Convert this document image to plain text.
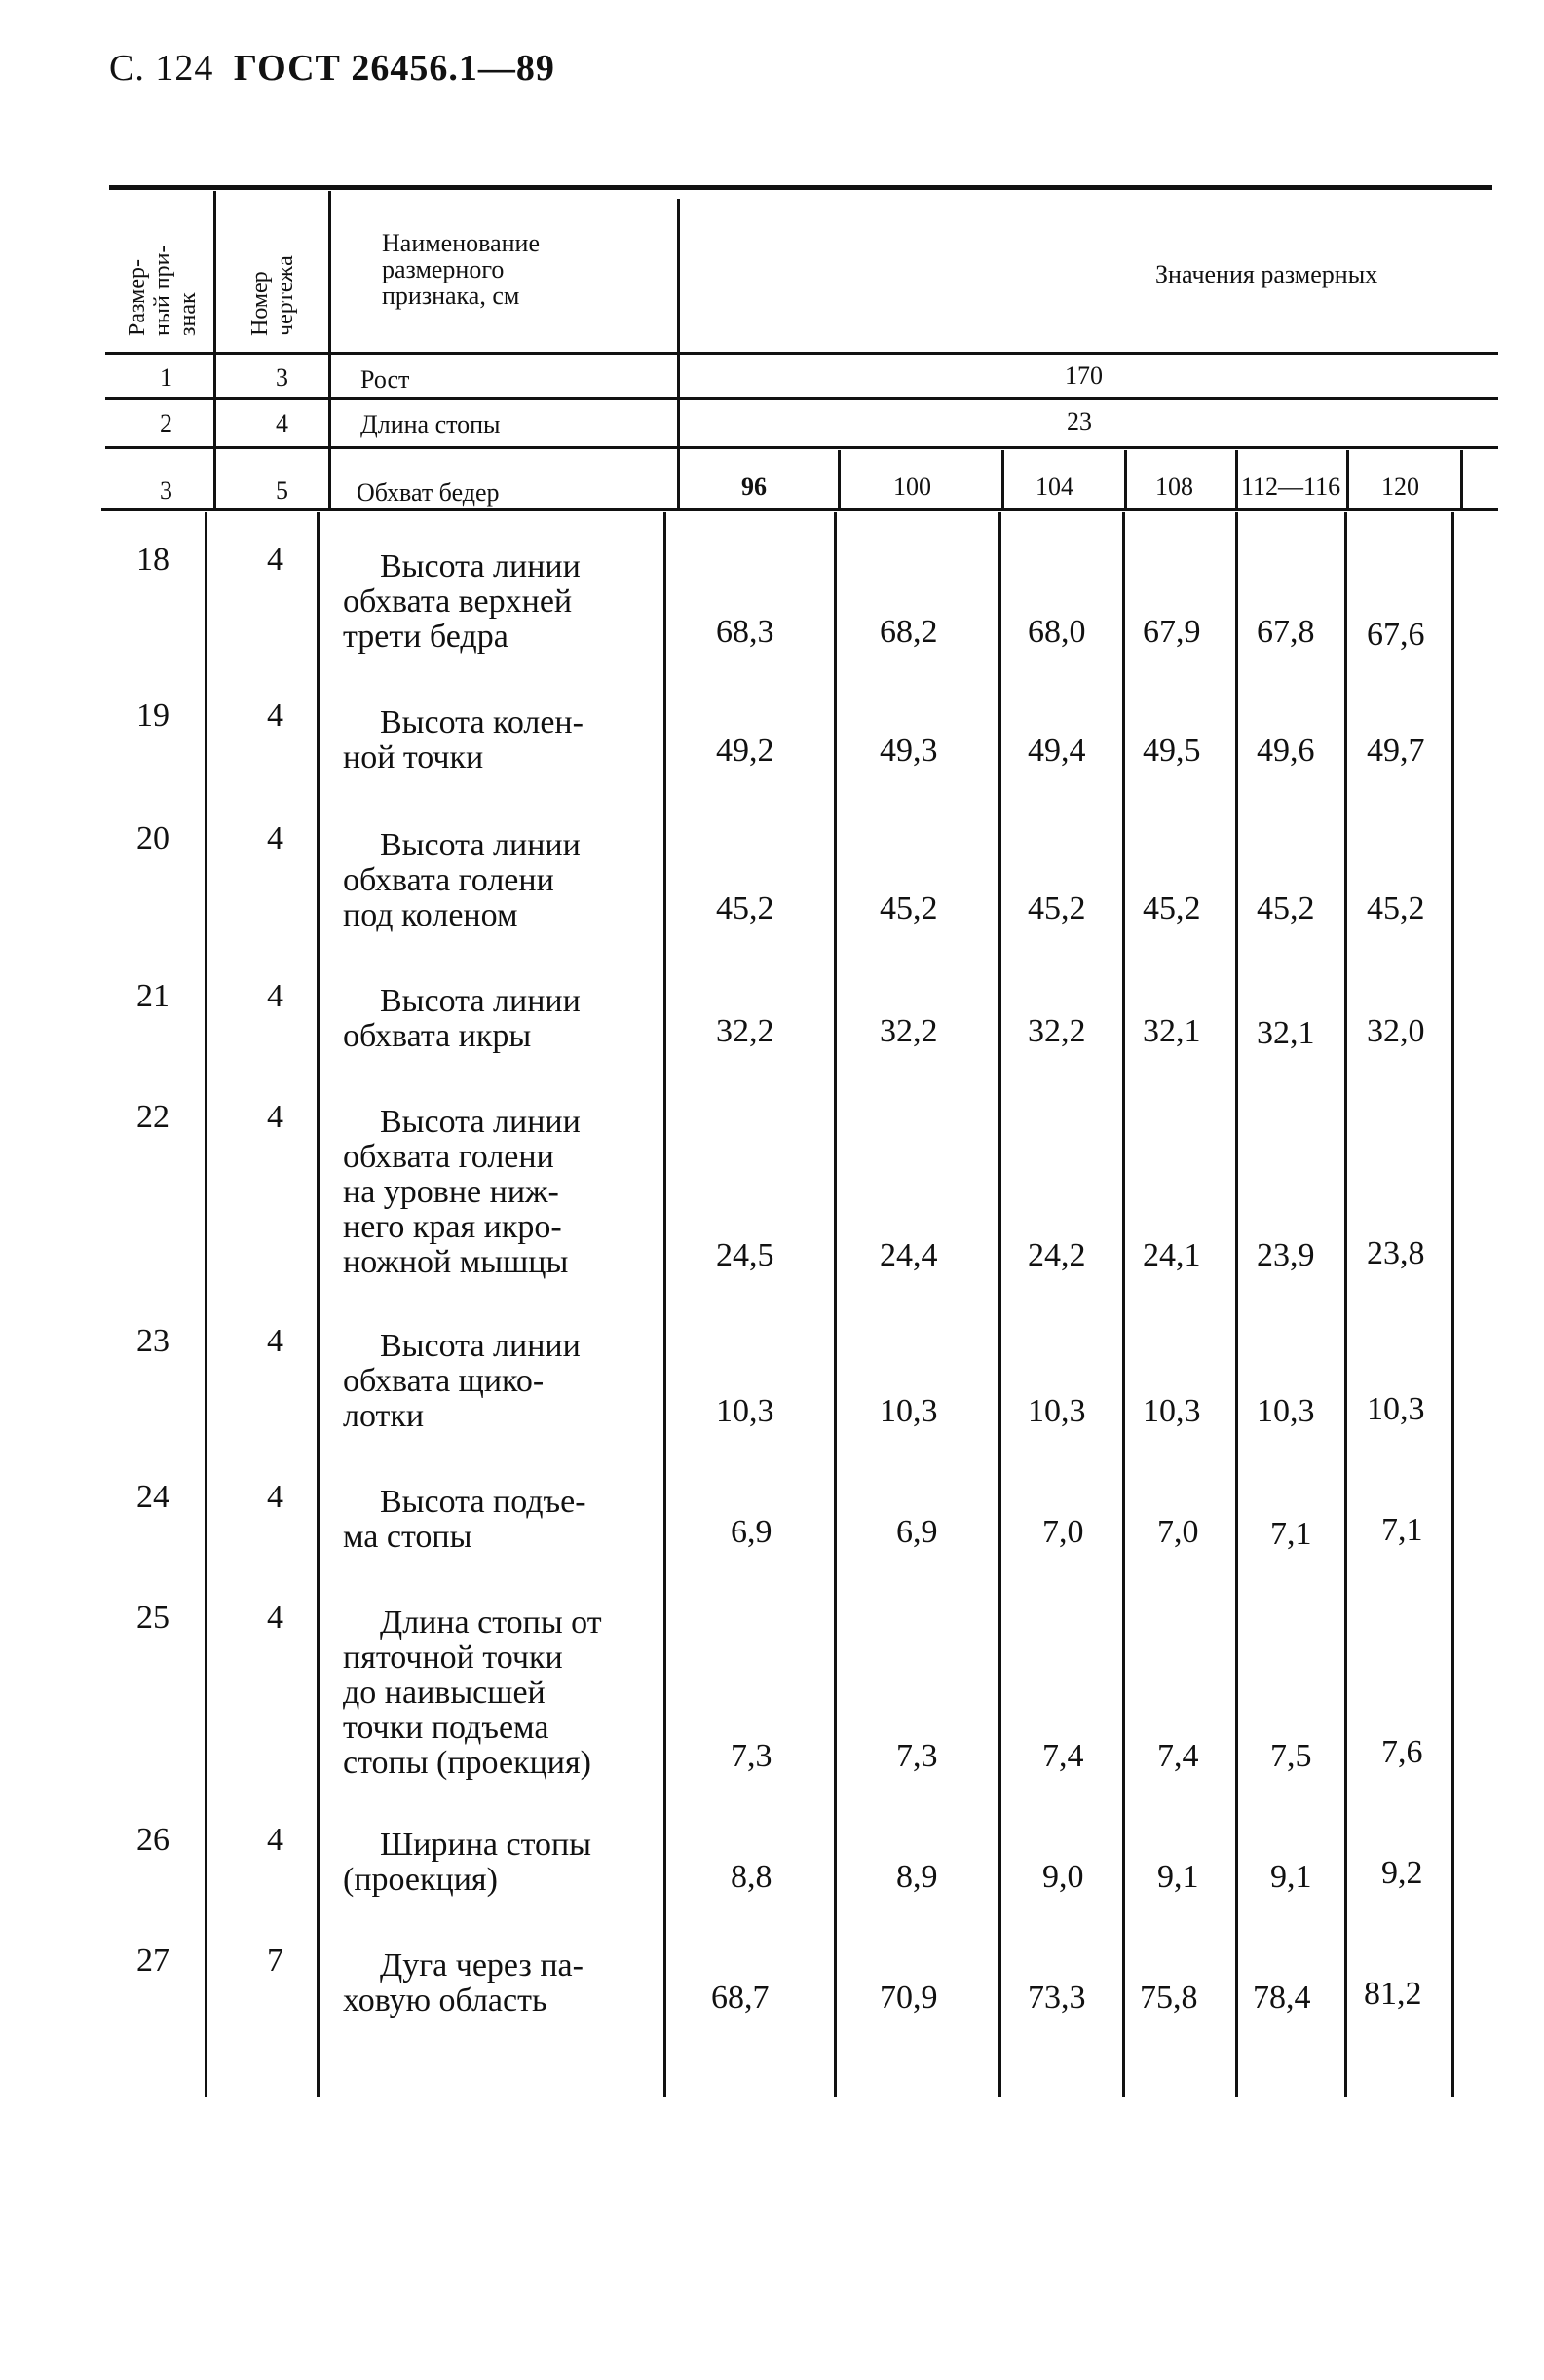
С. 124 ГОСТ 26456.1—89
Размер- ный при- знак Номер чертежа
Наименование
размерного
признака, см
Значения размерных
1	3	Рост	170
2	4	Длина стопы	23
3	5	Обхват бедер	96	100	104	108 112—116 120
18	4	Высота линии
обхвата верхней
трети бедра	68,3	68,2	68,0 67,9 67,8 67,6
19	4	Высота колен-
ной точки	49,2	49,3	49,4 49,5 49,6 49,7
20	4	Высота линии
обхвата голени
под коленом	45,2	45,2	45,2 45,2 45,2 45,2
21	4	Высота линии
обхвата икры	32,2	32,2	32,2 32,1 32,1 32,0
22	4	Высота линии
обхвата голени
на уровне ниж-
него края икро-
ножной мышцы	24,5	24,4	24,2 24,1 23,9 23,8
23	4	Высота линии
обхвата щико-
лотки	10,3	10,3	10,3 10,3 10,3 10,3
24	4	Высота подъе-
ма стопы	6,9	6,9	7,0 7,0 7,1 7,1
25	4	Длина стопы от
пяточной точки
до наивысшей
точки подъема
стопы (проекция)	7,3	7,3	7,4 7,4 7,5 7,6
26	4	Ширина стопы
(проекция)	8,8	8,9	9,0 9,1 9,1 9,2
27	7	Дуга через па-
ховую область	68,7	70,9	73,3 75,8 78,4 81,2
